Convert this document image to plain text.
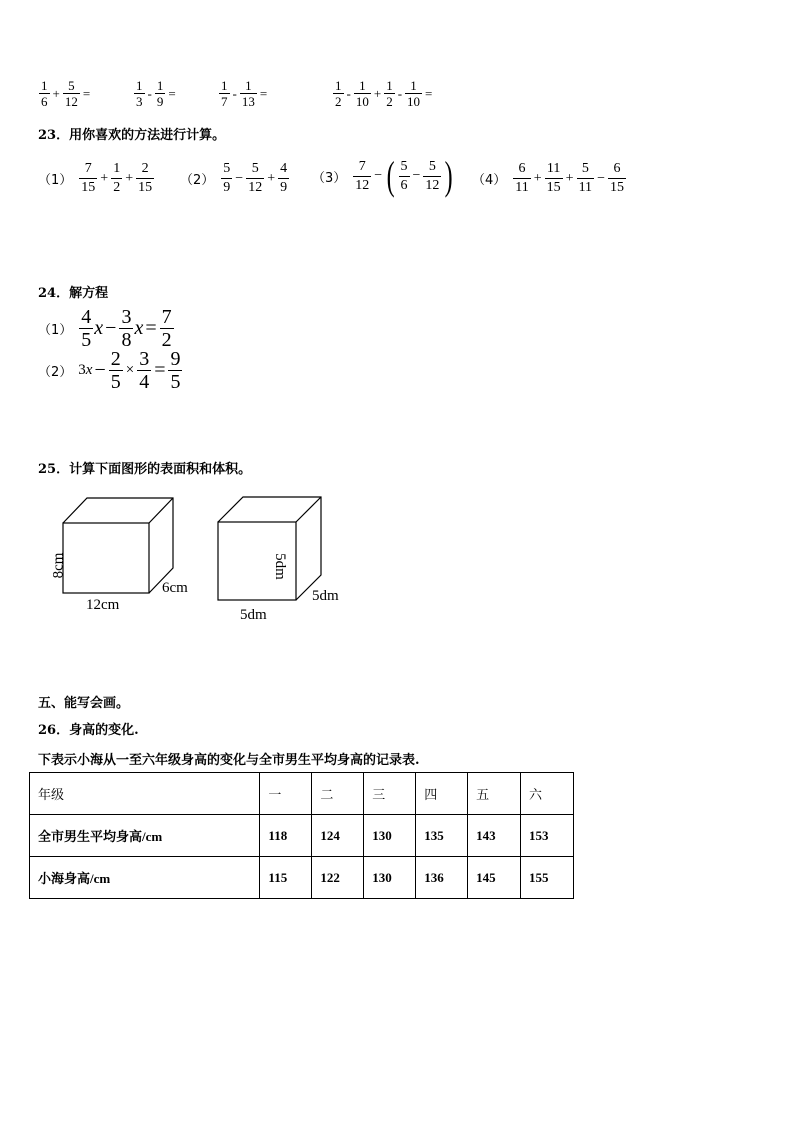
$\frac{1}{6} + \frac{5}{12}$ =	$\frac{1}{3} - \frac{1}{9}$ =	$\frac{1}{7} - \frac{1}{13}$ =	$\frac{1}{2} - \frac{1}{10} + \frac{1}{2} - \frac{1}{10}$ =
23．用你喜欢的方法进行计算。
$(1) \frac{7}{15} + \frac{1}{2} + \frac{2}{15} (2) \frac{5}{9} - \frac{5}{12} + \frac{4}{9} (3) \frac{7}{12}$ − ( $\frac{5}{6} - \frac{5}{12}$ ) $(4) \frac{6}{11} + \frac{11}{15} + \frac{5}{11} - \frac{6}{15}$
24．解方程
$(1) \frac{4}{5}$ $x - \frac{3}{8}$ $x = \frac{7}{2}$
（2） 3 $x - \frac{2}{5} \times \frac{3}{4} = \frac{9}{5}$
25．计算下面图形的表面积和体积。
8cm
12cm
6cm
5dm
5dm
5dm
五、能写会画。
26．身高的变化.
下表示小海从一至六年级身高的变化与全市男生平均身高的记录表.
年级	一	二	三	四	五	六
全市男生平均身高/cm	118	124	130	135	143	153
小海身高/cm	115	122	130	136	145	155
